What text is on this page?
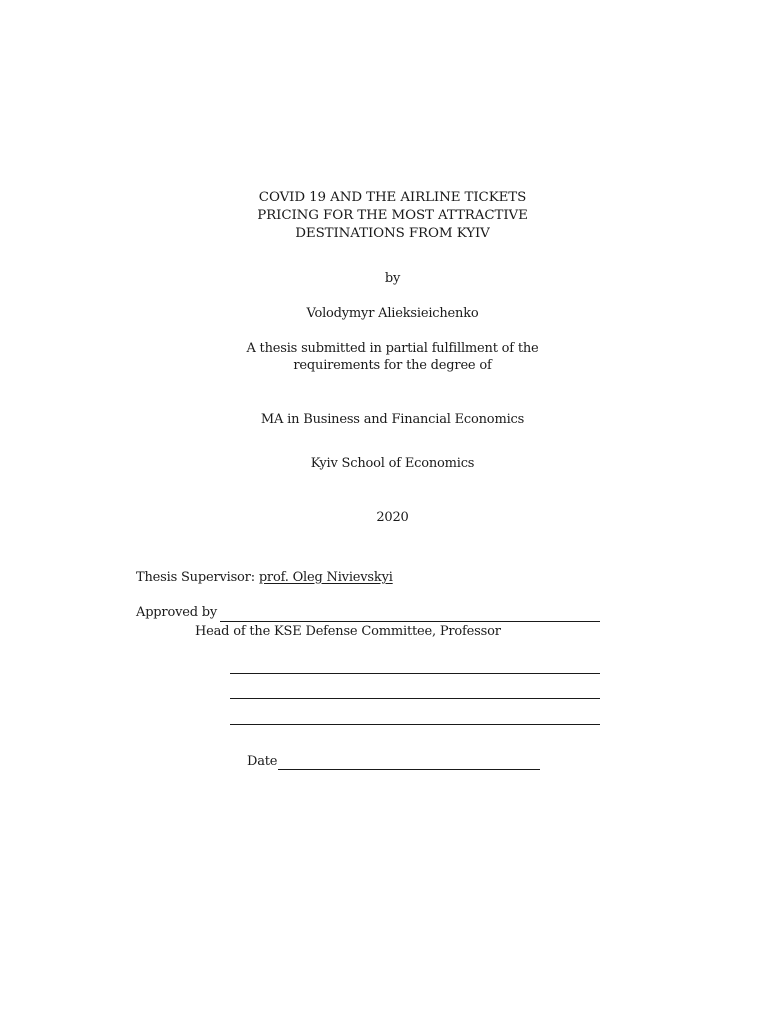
COVID 19 AND THE AIRLINE TICKETS
PRICING FOR THE MOST ATTRACTIVE
DESTINATIONS FROM KYIV
by
Volodymyr Alieksieichenko
A thesis submitted in partial fulfillment of the
requirements for the degree of
MA in Business and Financial Economics
Kyiv School of Economics
2020
Thesis Supervisor: prof. Oleg Nivievskyi
Approved by
Head of the KSE Defense Committee, Professor
Date
